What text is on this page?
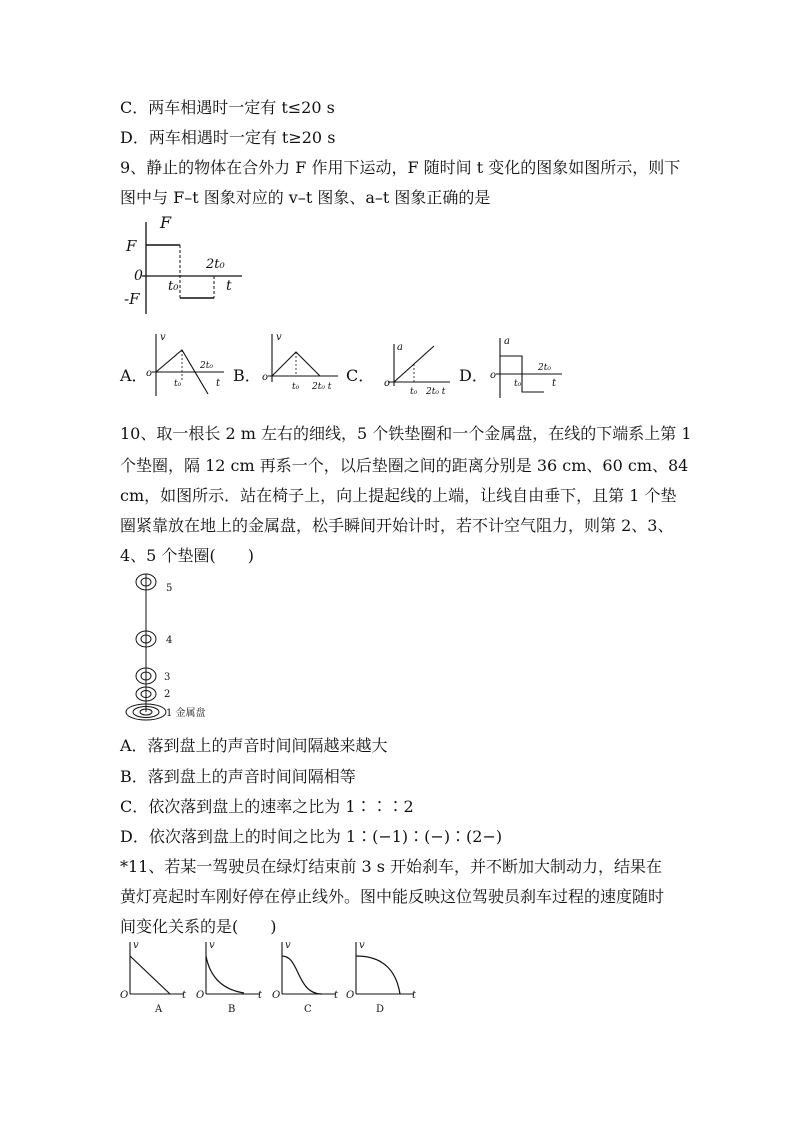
C．两车相遇时一定有 t≤20 s
D．两车相遇时一定有 t≥20 s
9、静止的物体在合外力 F 作用下运动，F 随时间 t 变化的图象如图所示，则下
图中与 F–t 图象对应的 v–t 图象、a–t 图象正确的是
F
F
0
-F
t₀
2t₀
t
A．
v
o
t₀
2t₀
t B．
v
o
t₀ 2t₀ t
C．
a
o
t₀ 2t₀ t
D．
a
o
t₀
2t₀
t
10、取一根长 2 m 左右的细线，5 个铁垫圈和一个金属盘，在线的下端系上第 1
个垫圈，隔 12 cm 再系一个，以后垫圈之间的距离分别是 36 cm、60 cm、84
cm，如图所示．站在椅子上，向上提起线的上端，让线自由垂下，且第 1 个垫
圈紧靠放在地上的金属盘，松手瞬间开始计时，若不计空气阻力，则第 2、3、
4、5 个垫圈(　　)
5
4
3
2
1 金属盘
A．落到盘上的声音时间间隔越来越大
B．落到盘上的声音时间间隔相等
C．依次落到盘上的速率之比为 1∶∶∶2
D．依次落到盘上的时间之比为 1∶(−1)∶(−)∶(2−)
*11、若某一驾驶员在绿灯结束前 3 s 开始刹车，并不断加大制动力，结果在
黄灯亮起时车刚好停在停止线外。图中能反映这位驾驶员刹车过程的速度随时
间变化关系的是(　　)
v
O	t
A
v
O	t
B
v
O	t
C
v
O	t
D
